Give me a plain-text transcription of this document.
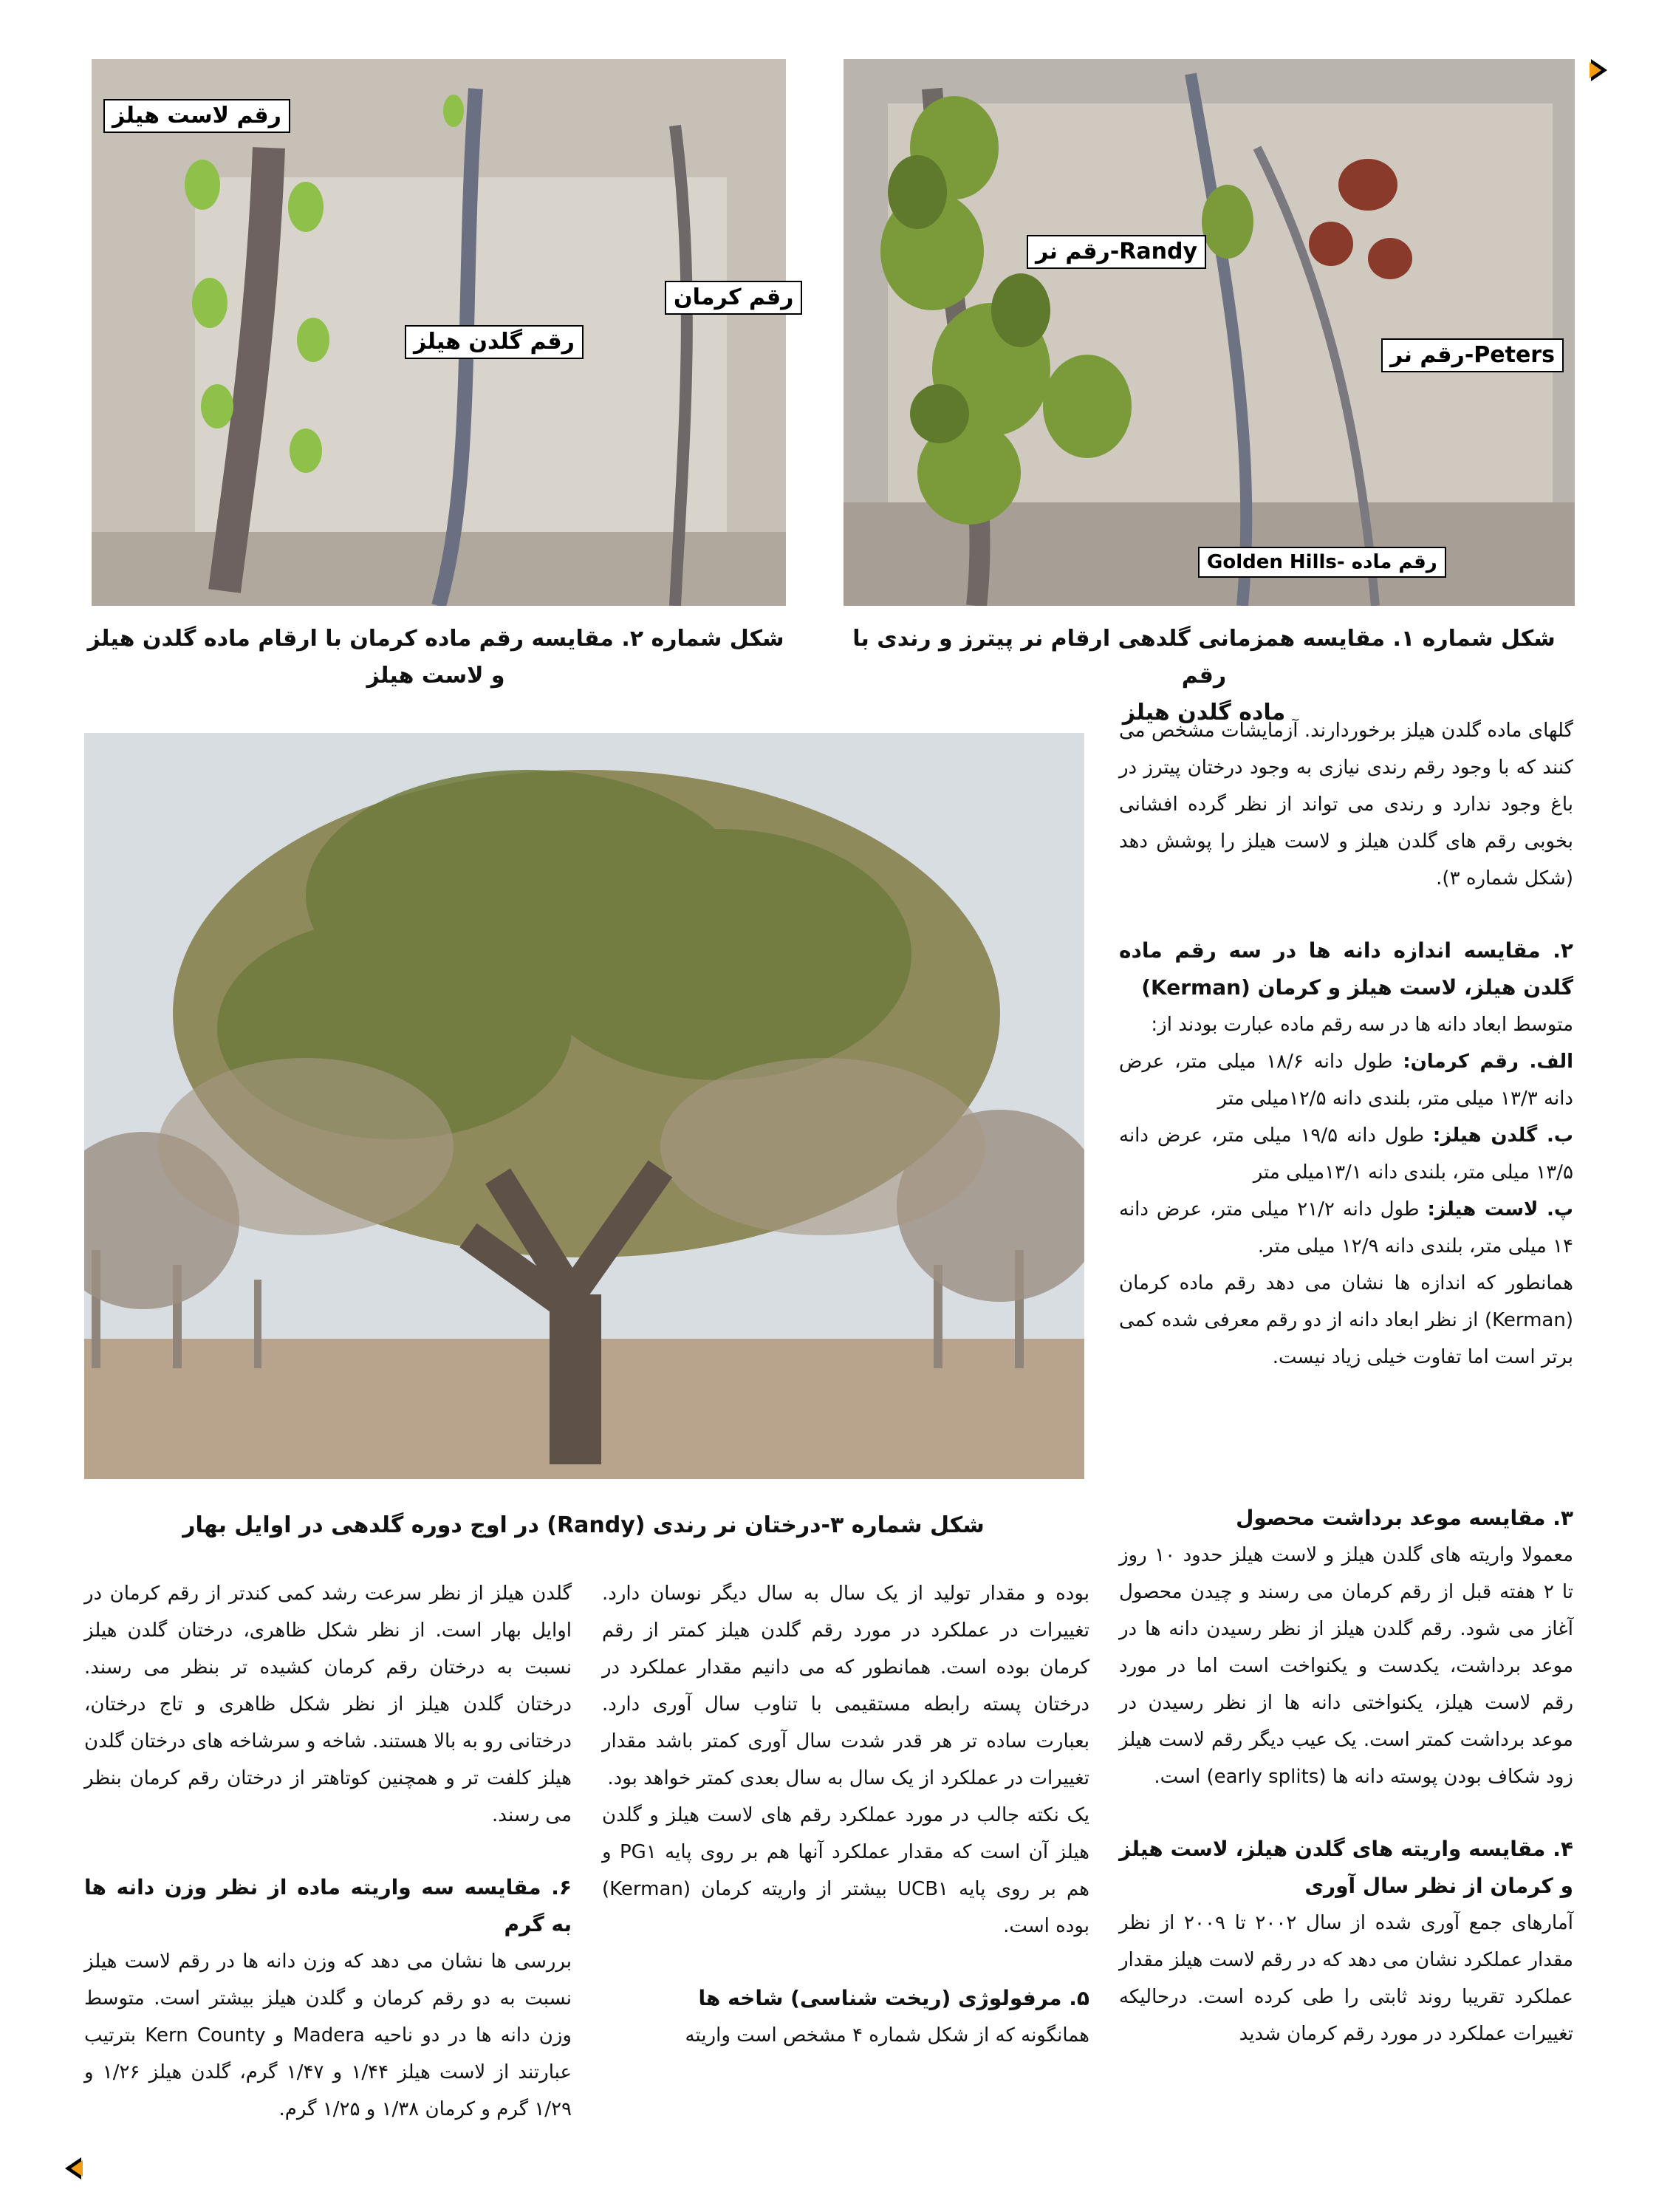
رقم نر-Randy
رقم نر-Peters
Golden Hills- رقم ماده
رقم لاست هیلز
رقم گلدن هیلز
رقم کرمان
شکل شماره ۱. مقایسه همزمانی گلدهی ارقام نر پیترز و رندی با رقم
ماده گلدن هیلز
شکل شماره ۲. مقایسه رقم ماده کرمان با ارقام ماده گلدن هیلز
و لاست هیلز
شکل شماره ۳-درختان نر رندی (Randy) در اوج دوره گلدهی در اوایل بهار

گلهای ماده گلدن هیلز برخوردارند. آزمایشات مشخص می کنند که با وجود رقم رندی نیازی به وجود درختان پیترز در باغ وجود ندارد و رندی می تواند از نظر گرده افشانی بخوبی رقم های گلدن هیلز و لاست هیلز را پوشش دهد (شکل شماره ۳).

۲. مقایسه اندازه دانه ها در سه رقم ماده گلدن هیلز، لاست هیلز و کرمان (Kerman)

متوسط ابعاد دانه ها در سه رقم ماده عبارت بودند از:

الف. رقم کرمان: طول دانه ۱۸/۶ میلی متر، عرض دانه ۱۳/۳ میلی متر، بلندی دانه ۱۲/۵میلی متر

ب. گلدن هیلز: طول دانه ۱۹/۵ میلی متر، عرض دانه ۱۳/۵ میلی متر، بلندی دانه ۱۳/۱میلی متر

پ. لاست هیلز: طول دانه ۲۱/۲ میلی متر، عرض دانه ۱۴ میلی متر، بلندی دانه ۱۲/۹ میلی متر.

همانطور که اندازه ها نشان می دهد رقم ماده کرمان (Kerman) از نظر ابعاد دانه از دو رقم معرفی شده کمی برتر است اما تفاوت خیلی زیاد نیست.

۳. مقایسه موعد برداشت محصول

معمولا واریته های گلدن هیلز و لاست هیلز حدود ۱۰ روز تا ۲ هفته قبل از رقم کرمان می رسند و چیدن محصول آغاز می شود. رقم گلدن هیلز از نظر رسیدن دانه ها در موعد برداشت، یکدست و یکنواخت است اما در مورد رقم لاست هیلز، یکنواختی دانه ها از نظر رسیدن در موعد برداشت کمتر است. یک عیب دیگر رقم لاست هیلز زود شکاف بودن پوسته دانه ها (early splits) است.

۴. مقایسه واریته های گلدن هیلز، لاست هیلز و کرمان از نظر سال آوری

آمارهای جمع آوری شده از سال ۲۰۰۲ تا ۲۰۰۹ از نظر مقدار عملکرد نشان می دهد که در رقم لاست هیلز مقدار عملکرد تقریبا روند ثابتی را طی کرده است. درحالیکه تغییرات عملکرد در مورد رقم کرمان شدید

بوده و مقدار تولید از یک سال به سال دیگر نوسان دارد. تغییرات در عملکرد در مورد رقم گلدن هیلز کمتر از رقم کرمان بوده است. همانطور که می دانیم مقدار عملکرد در درختان پسته رابطه مستقیمی با تناوب سال آوری دارد. بعبارت ساده تر هر قدر شدت سال آوری کمتر باشد مقدار تغییرات در عملکرد از یک سال به سال بعدی کمتر خواهد بود.

یک نکته جالب در مورد عملکرد رقم های لاست هیلز و گلدن هیلز آن است که مقدار عملکرد آنها هم بر روی پایه PG۱ و هم بر روی پایه UCB۱ بیشتر از واریته کرمان (Kerman) بوده است.

۵. مرفولوژی (ریخت شناسی) شاخه ها

همانگونه که از شکل شماره ۴ مشخص است واریته

گلدن هیلز از نظر سرعت رشد کمی کندتر از رقم کرمان در اوایل بهار است. از نظر شکل ظاهری، درختان گلدن هیلز نسبت به درختان رقم کرمان کشیده تر بنظر می رسند. درختان گلدن هیلز از نظر شکل ظاهری و تاج درختان، درختانی رو به بالا هستند. شاخه و سرشاخه های درختان گلدن هیلز کلفت تر و همچنین کوتاهتر از درختان رقم کرمان بنظر می رسند.

۶. مقایسه سه واریته ماده از نظر وزن دانه ها به گرم

بررسی ها نشان می دهد که وزن دانه ها در رقم لاست هیلز نسبت به دو رقم کرمان و گلدن هیلز بیشتر است. متوسط وزن دانه ها در دو ناحیه Madera و Kern County بترتیب عبارتند از لاست هیلز ۱/۴۴ و ۱/۴۷ گرم، گلدن هیلز ۱/۲۶ و ۱/۲۹ گرم و کرمان ۱/۳۸ و ۱/۲۵ گرم.
